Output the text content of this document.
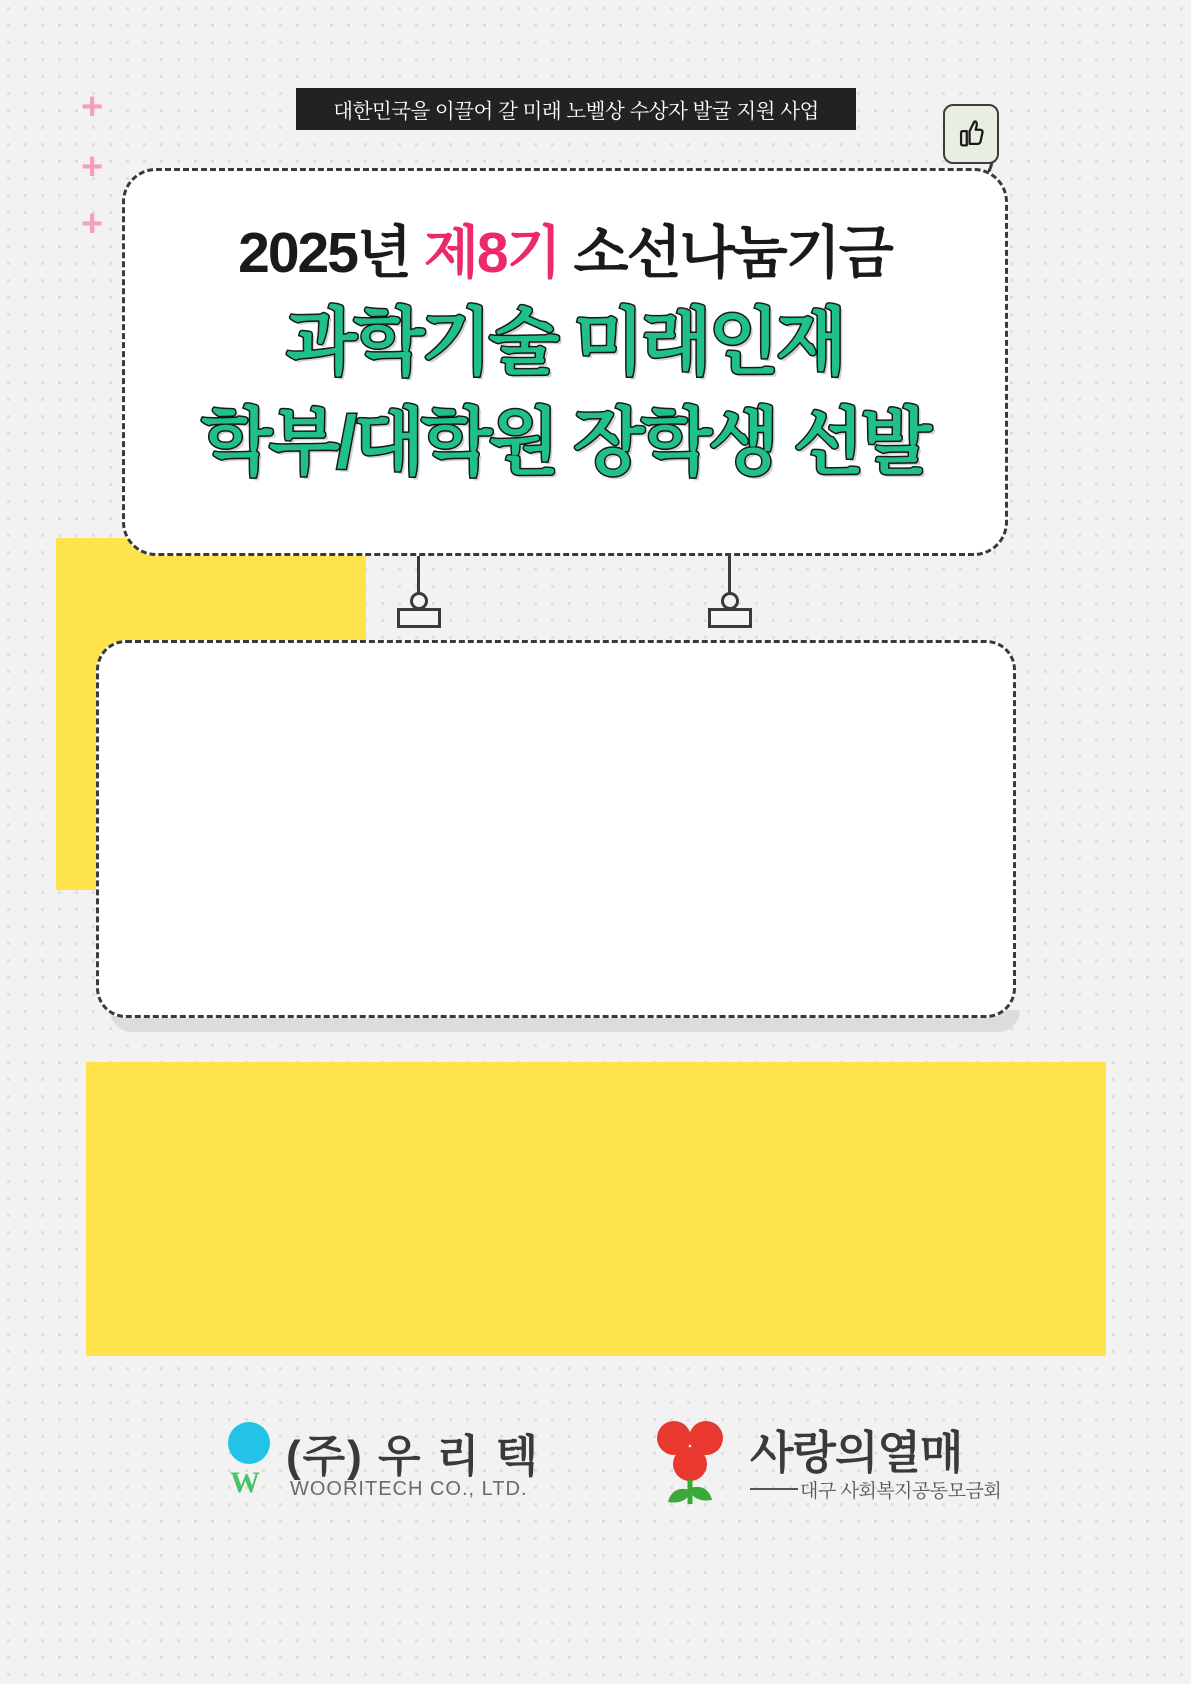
+
+
+
대한민국을 이끌어 갈 미래 노벨상 수상자 발굴 지원 사업
2025년 제8기 소선나눔기금
과학기술 미래인재
학부/대학원 장학생 선발
W
(주) 우 리 텍
WOORITECH CO., LTD.
사랑의열매
대구 사회복지공동모금회
